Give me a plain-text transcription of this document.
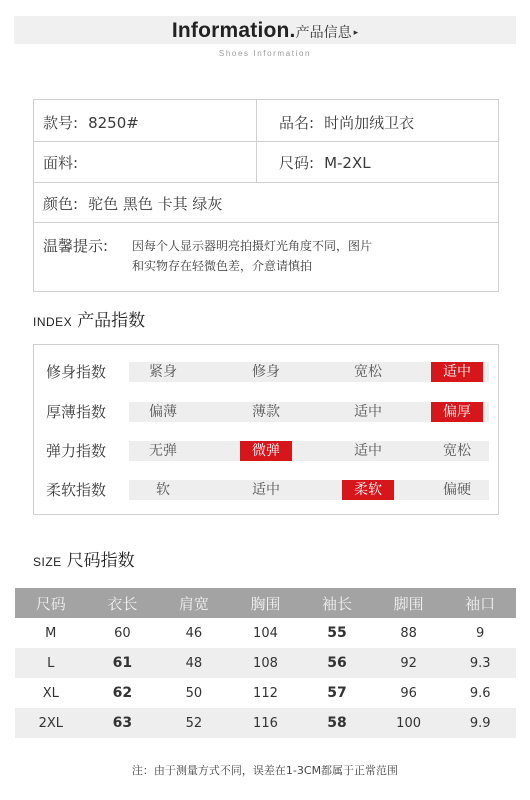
Information.产品信息 ▸
Shoes Information
款号: 8250#	品名: 时尚加绒卫衣
面料:	尺码: M-2XL
颜色: 驼色 黑色 卡其 绿灰
温馨提示: 因每个人显示器明亮拍摄灯光角度不同，图片
和实物存在轻微色差，介意请慎拍
INDEX 产品指数
修身指数	紧身	修身	宽松	适中
厚薄指数	偏薄	薄款	适中	偏厚
弹力指数	无弹	微弹	适中	宽松
柔软指数	软	适中	柔软	偏硬
SIZE 尺码指数
尺码	衣长	肩宽	胸围	袖长	脚围	袖口
M	60	46	104	55	88	9
L	61	48	108	56	92	9.3
XL	62	50	112	57	96	9.6
2XL	63	52	116	58	100	9.9
注：由于测量方式不同，误差在1-3CM都属于正常范围
